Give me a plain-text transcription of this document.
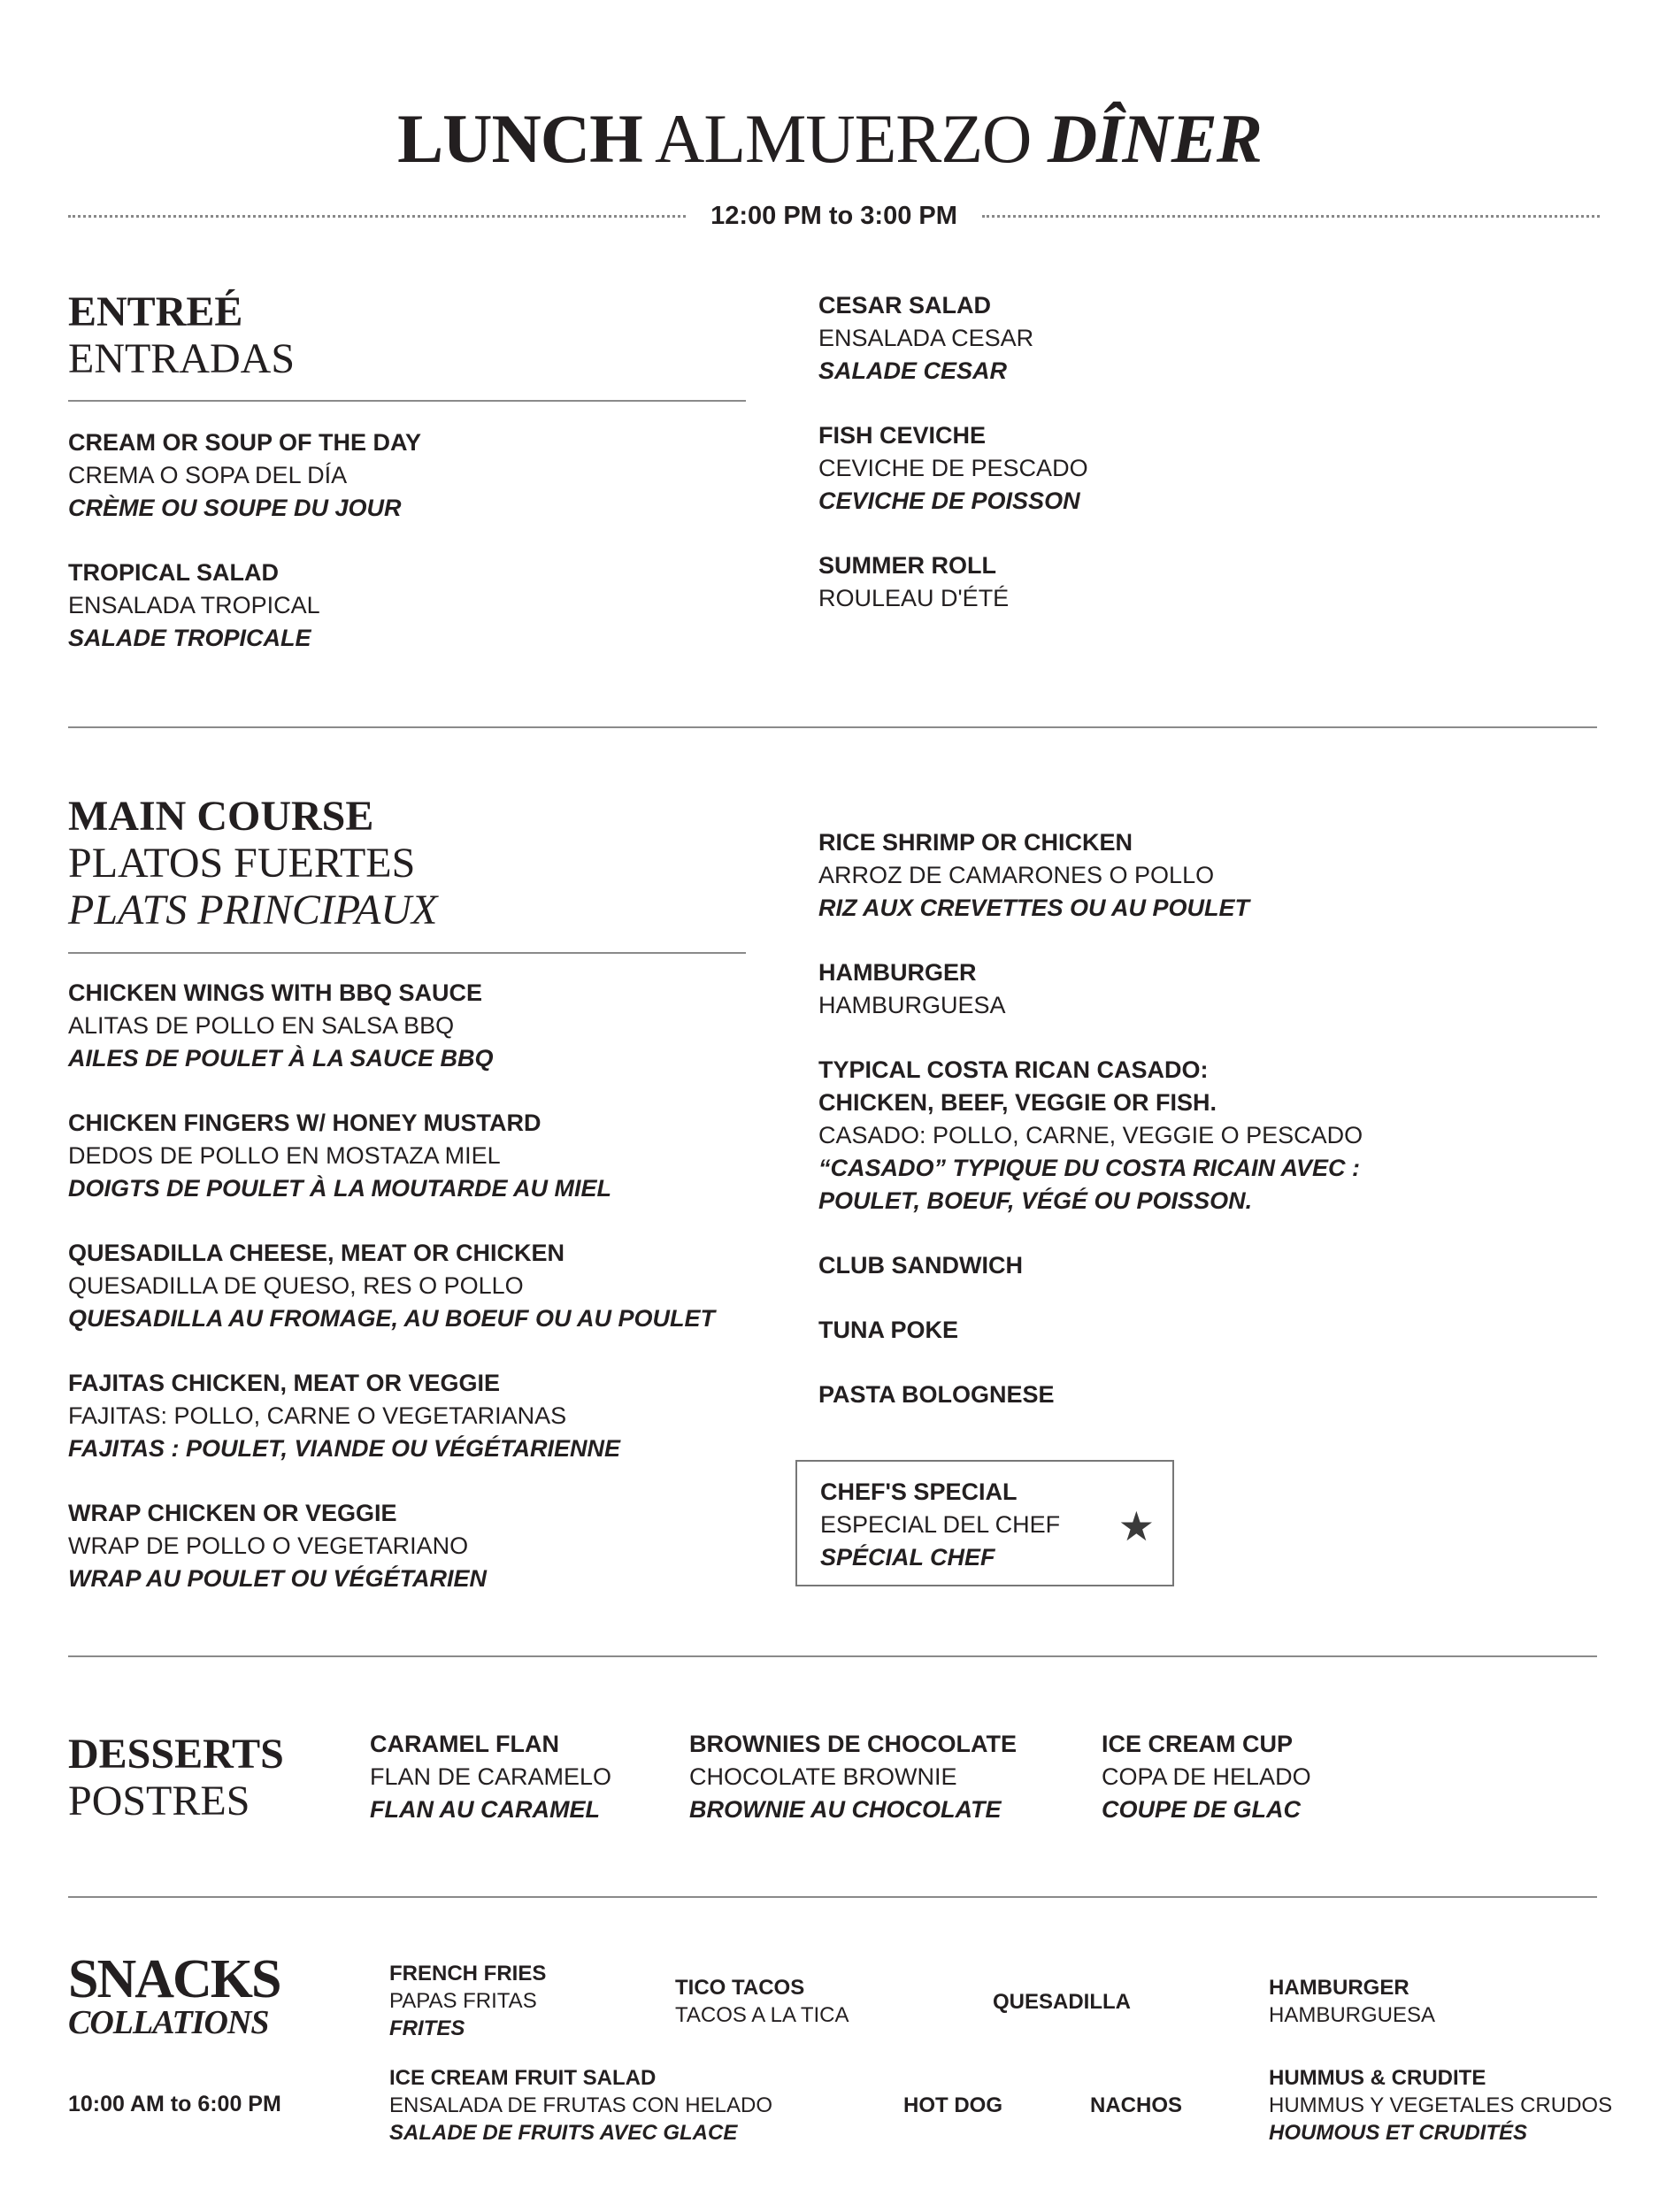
LUNCH ALMUERZO DÎNER
12:00 PM to 3:00 PM
ENTREÉ
ENTRADAS
CREAM OR SOUP OF THE DAY
CREMA O SOPA DEL DÍA
CRÈME OU SOUPE DU JOUR
TROPICAL SALAD
ENSALADA TROPICAL
SALADE TROPICALE
CESAR SALAD
ENSALADA CESAR
SALADE CESAR
FISH CEVICHE
CEVICHE DE PESCADO
CEVICHE DE POISSON
SUMMER ROLL
ROULEAU D'ÉTÉ
MAIN COURSE
PLATOS FUERTES
PLATS PRINCIPAUX
CHICKEN WINGS WITH BBQ SAUCE
ALITAS DE POLLO EN SALSA BBQ
AILES DE POULET À LA SAUCE BBQ
CHICKEN FINGERS W/ HONEY MUSTARD
DEDOS DE POLLO EN MOSTAZA MIEL
DOIGTS DE POULET À LA MOUTARDE AU MIEL
QUESADILLA CHEESE, MEAT OR CHICKEN
QUESADILLA DE QUESO, RES O POLLO
QUESADILLA AU FROMAGE, AU BOEUF OU AU POULET
FAJITAS CHICKEN, MEAT OR VEGGIE
FAJITAS: POLLO, CARNE O VEGETARIANAS
FAJITAS : POULET, VIANDE OU VÉGÉTARIENNE
WRAP CHICKEN OR VEGGIE
WRAP DE POLLO O VEGETARIANO
WRAP AU POULET OU VÉGÉTARIEN
RICE SHRIMP OR CHICKEN
ARROZ DE CAMARONES O POLLO
RIZ AUX CREVETTES OU AU POULET
HAMBURGER
HAMBURGUESA
TYPICAL COSTA RICAN CASADO:
CHICKEN, BEEF, VEGGIE OR FISH.
CASADO: POLLO, CARNE, VEGGIE O PESCADO
“CASADO” TYPIQUE DU COSTA RICAIN AVEC :
POULET, BOEUF, VÉGÉ OU POISSON.
CLUB SANDWICH
TUNA POKE
PASTA BOLOGNESE
CHEF'S SPECIAL
ESPECIAL DEL CHEF
SPÉCIAL CHEF
★
DESSERTS
POSTRES
CARAMEL FLAN
FLAN DE CARAMELO
FLAN AU CARAMEL
BROWNIES DE CHOCOLATE
CHOCOLATE BROWNIE
BROWNIE AU CHOCOLATE
ICE CREAM CUP
COPA DE HELADO
COUPE DE GLAC
SNACKS
COLLATIONS
10:00 AM to 6:00 PM
FRENCH FRIES
PAPAS FRITAS
FRITES
TICO TACOS
TACOS A LA TICA
QUESADILLA
HAMBURGER
HAMBURGUESA
ICE CREAM FRUIT SALAD
ENSALADA DE FRUTAS CON HELADO
SALADE DE FRUITS AVEC GLACE
HOT DOG	NACHOS
HUMMUS & CRUDITE
HUMMUS Y VEGETALES CRUDOS
HOUMOUS ET CRUDITÉS
